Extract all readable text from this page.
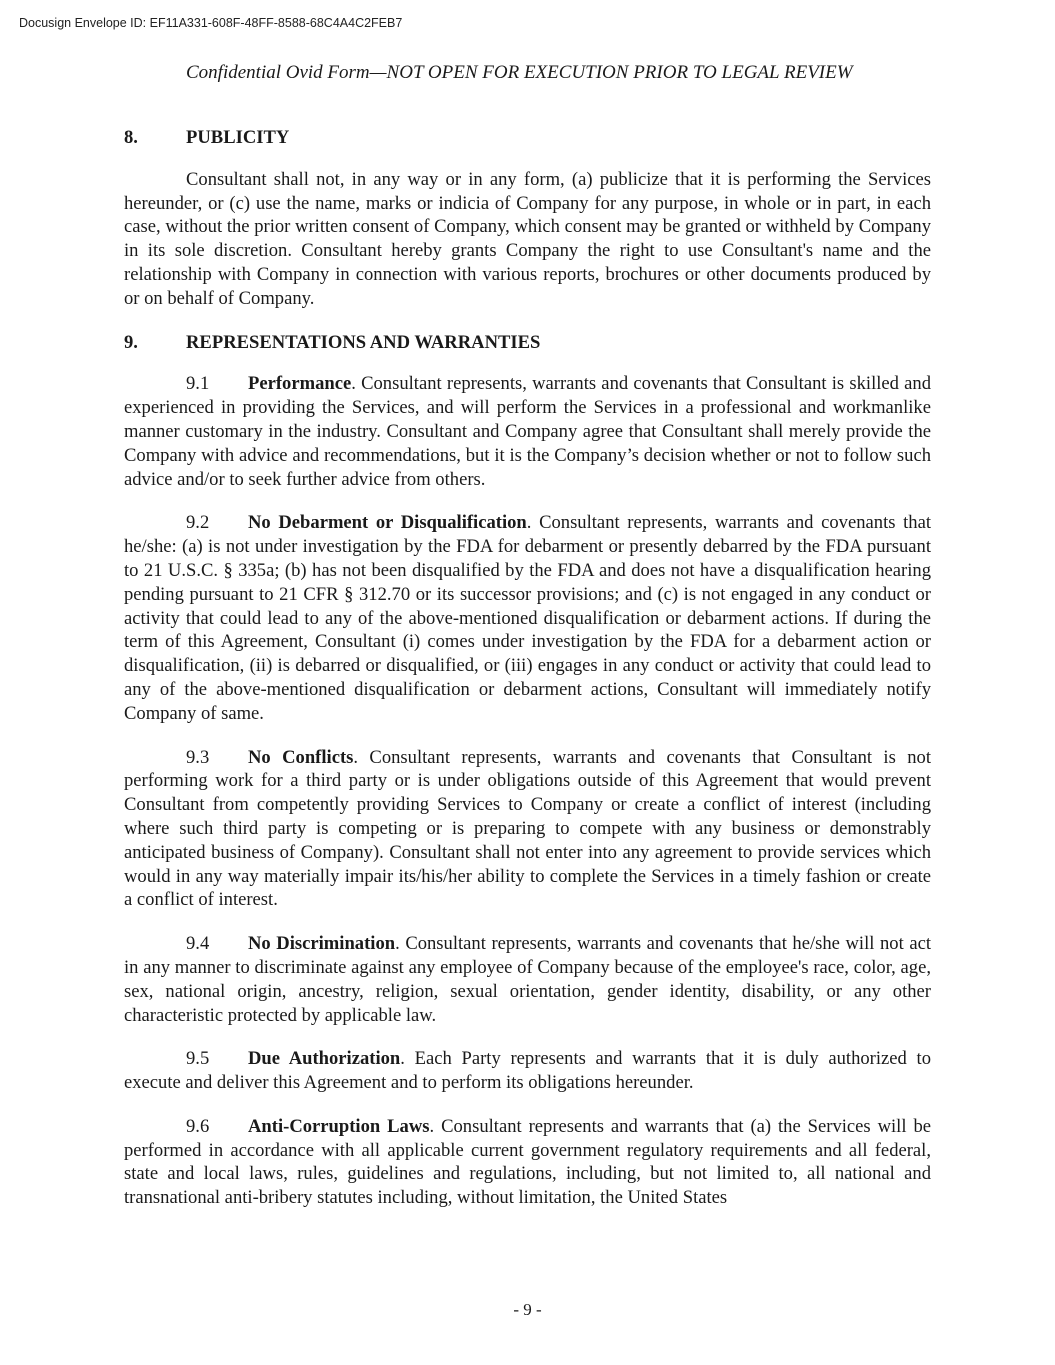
Docusign Envelope ID: EF11A331-608F-48FF-8588-68C4A4C2FEB7
Confidential Ovid Form—NOT OPEN FOR EXECUTION PRIOR TO LEGAL REVIEW
8.	PUBLICITY

Consultant shall not, in any way or in any form, (a) publicize that it is performing the Services hereunder, or (c) use the name, marks or indicia of Company for any purpose, in whole or in part, in each case, without the prior written consent of Company, which consent may be granted or withheld by Company in its sole discretion. Consultant hereby grants Company the right to use Consultant's name and the relationship with Company in connection with various reports, brochures or other documents produced by or on behalf of Company.

9.	REPRESENTATIONS AND WARRANTIES

9.1 Performance. Consultant represents, warrants and covenants that Consultant is skilled and experienced in providing the Services, and will perform the Services in a professional and workmanlike manner customary in the industry. Consultant and Company agree that Consultant shall merely provide the Company with advice and recommendations, but it is the Company’s decision whether or not to follow such advice and/or to seek further advice from others.

9.2 No Debarment or Disqualification. Consultant represents, warrants and covenants that he/she: (a) is not under investigation by the FDA for debarment or presently debarred by the FDA pursuant to 21 U.S.C. § 335a; (b) has not been disqualified by the FDA and does not have a disqualification hearing pending pursuant to 21 CFR § 312.70 or its successor provisions; and (c) is not engaged in any conduct or activity that could lead to any of the above-mentioned disqualification or debarment actions. If during the term of this Agreement, Consultant (i) comes under investigation by the FDA for a debarment action or disqualification, (ii) is debarred or disqualified, or (iii) engages in any conduct or activity that could lead to any of the above-mentioned disqualification or debarment actions, Consultant will immediately notify Company of same.

9.3 No Conflicts. Consultant represents, warrants and covenants that Consultant is not performing work for a third party or is under obligations outside of this Agreement that would prevent Consultant from competently providing Services to Company or create a conflict of interest (including where such third party is competing or is preparing to compete with any business or demonstrably anticipated business of Company). Consultant shall not enter into any agreement to provide services which would in any way materially impair its/his/her ability to complete the Services in a timely fashion or create a conflict of interest.

9.4 No Discrimination. Consultant represents, warrants and covenants that he/she will not act in any manner to discriminate against any employee of Company because of the employee's race, color, age, sex, national origin, ancestry, religion, sexual orientation, gender identity, disability, or any other characteristic protected by applicable law.

9.5 Due Authorization. Each Party represents and warrants that it is duly authorized to execute and deliver this Agreement and to perform its obligations hereunder.

9.6 Anti-Corruption Laws. Consultant represents and warrants that (a) the Services will be performed in accordance with all applicable current government regulatory requirements and all federal, state and local laws, rules, guidelines and regulations, including, but not limited to, all national and transnational anti-bribery statutes including, without limitation, the United States

- 9 -
